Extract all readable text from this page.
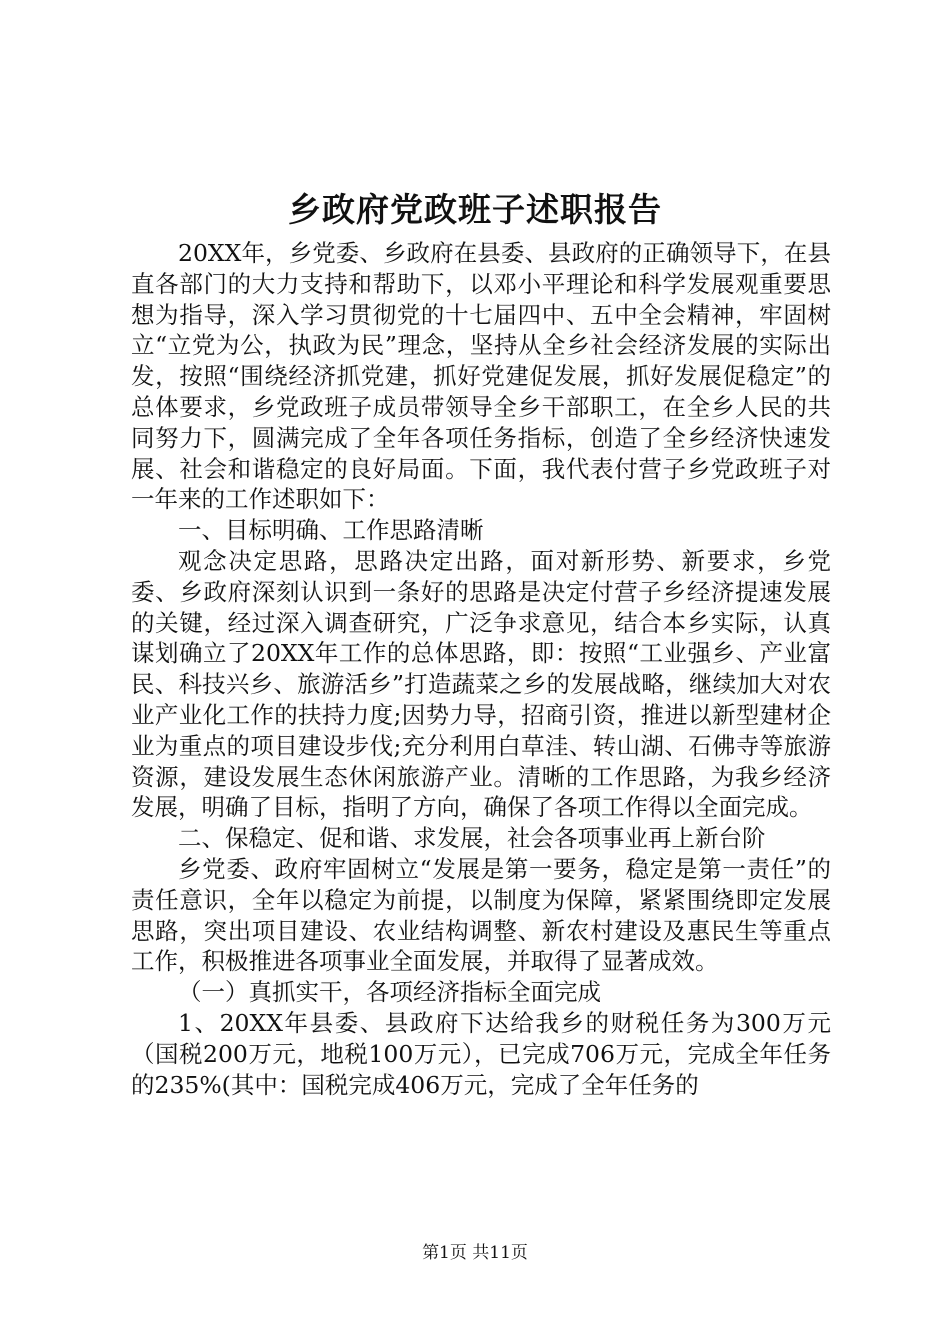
乡政府党政班子述职报告

20XX年，乡党委、乡政府在县委、县政府的正确领导下，在县直各部门的大力支持和帮助下，以邓小平理论和科学发展观重要思想为指导，深入学习贯彻党的十七届四中、五中全会精神，牢固树立“立党为公，执政为民”理念，坚持从全乡社会经济发展的实际出发，按照“围绕经济抓党建，抓好党建促发展，抓好发展促稳定”的总体要求，乡党政班子成员带领导全乡干部职工，在全乡人民的共同努力下，圆满完成了全年各项任务指标，创造了全乡经济快速发展、社会和谐稳定的良好局面。下面，我代表付营子乡党政班子对一年来的工作述职如下：

一、目标明确、工作思路清晰

观念决定思路，思路决定出路，面对新形势、新要求，乡党委、乡政府深刻认识到一条好的思路是决定付营子乡经济提速发展的关键，经过深入调查研究，广泛争求意见，结合本乡实际，认真谋划确立了20XX年工作的总体思路，即：按照“工业强乡、产业富民、科技兴乡、旅游活乡”打造蔬菜之乡的发展战略，继续加大对农业产业化工作的扶持力度;因势力导，招商引资，推进以新型建材企业为重点的项目建设步伐;充分利用白草洼、转山湖、石佛寺等旅游资源，建设发展生态休闲旅游产业。清晰的工作思路，为我乡经济发展，明确了目标，指明了方向，确保了各项工作得以全面完成。

二、保稳定、促和谐、求发展，社会各项事业再上新台阶

乡党委、政府牢固树立“发展是第一要务，稳定是第一责任”的责任意识，全年以稳定为前提，以制度为保障，紧紧围绕即定发展思路，突出项目建设、农业结构调整、新农村建设及惠民生等重点工作，积极推进各项事业全面发展，并取得了显著成效。

（一）真抓实干，各项经济指标全面完成

1、20XX年县委、县政府下达给我乡的财税任务为300万元（国税200万元，地税100万元），已完成706万元，完成全年任务的235%(其中：国税完成406万元，完成了全年任务的

第1页 共11页
